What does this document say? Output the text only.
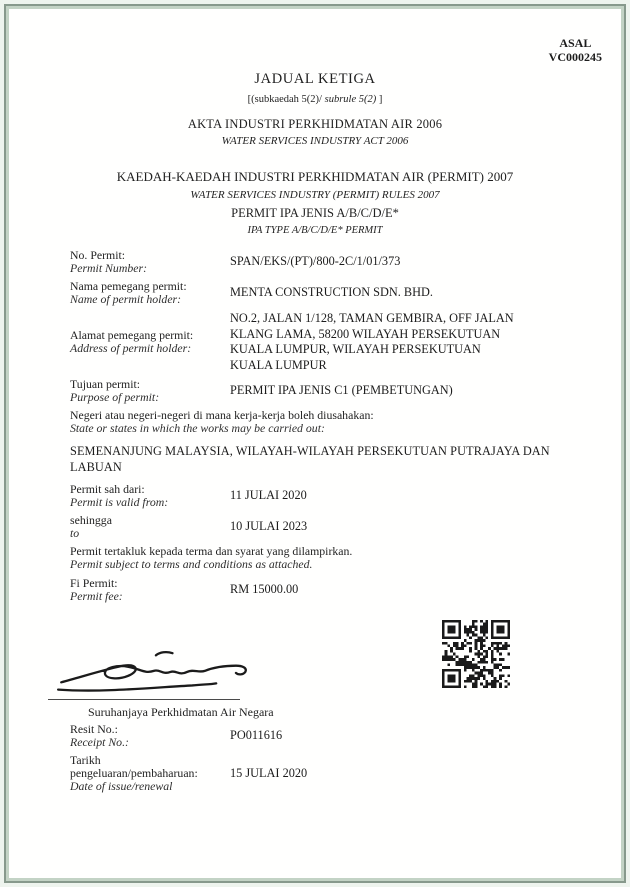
ASAL
VC000245
JADUAL KETIGA
[(subkaedah 5(2)/ subrule 5(2) ]
AKTA INDUSTRI PERKHIDMATAN AIR 2006
WATER SERVICES INDUSTRY ACT 2006
KAEDAH-KAEDAH INDUSTRI PERKHIDMATAN AIR (PERMIT) 2007
WATER SERVICES INDUSTRY (PERMIT) RULES 2007
PERMIT IPA JENIS A/B/C/D/E*
IPA TYPE A/B/C/D/E* PERMIT
No. Permit:
Permit Number:	SPAN/EKS/(PT)/800-2C/1/01/373
Nama pemegang permit:
Name of permit holder:	MENTA CONSTRUCTION SDN. BHD.
Alamat pemegang permit:
Address of permit holder:
NO.2, JALAN 1/128, TAMAN GEMBIRA, OFF JALAN
KLANG LAMA, 58200 WILAYAH PERSEKUTUAN
KUALA LUMPUR, WILAYAH PERSEKUTUAN
KUALA LUMPUR
Tujuan permit:
Purpose of permit:	PERMIT IPA JENIS C1 (PEMBETUNGAN)
Negeri atau negeri-negeri di mana kerja-kerja boleh diusahakan:
State or states in which the works may be carried out:
SEMENANJUNG MALAYSIA, WILAYAH-WILAYAH PERSEKUTUAN PUTRAJAYA DAN LABUAN
Permit sah dari:
Permit is valid from:	11 JULAI 2020
sehingga
to	10 JULAI 2023
Permit tertakluk kepada terma dan syarat yang dilampirkan.
Permit subject to terms and conditions as attached.
Fi Permit:
Permit fee:	RM 15000.00
Suruhanjaya Perkhidmatan Air Negara
Resit No.:
Receipt No.:	PO011616
Tarikh
pengeluaran/pembaharuan:
Date of issue/renewal
15 JULAI 2020
